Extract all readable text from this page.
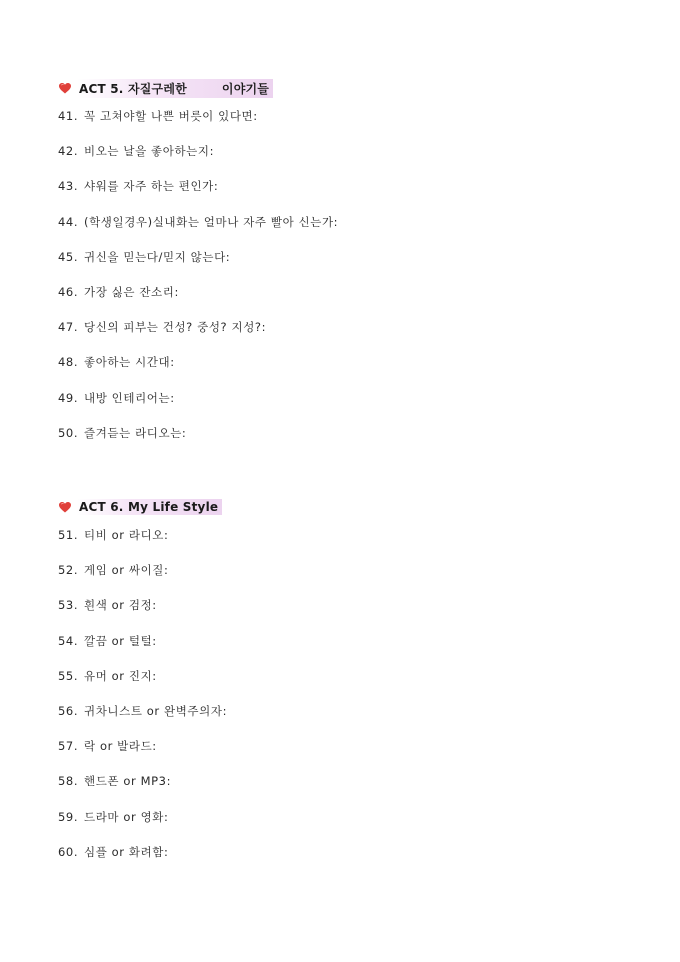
ACT 5. 자질구레한        이야기들
41. 꼭 고쳐야할 나쁜 버릇이 있다면:
42. 비오는 날을 좋아하는지:
43. 샤워를 자주 하는 편인가:
44. (학생일경우)실내화는 얼마나 자주 빨아 신는가:
45. 귀신을 믿는다/믿지 않는다:
46. 가장 싫은 잔소리:
47. 당신의 피부는 건성? 중성? 지성?:
48. 좋아하는 시간대:
49. 내방 인테리어는:
50. 즐겨듣는 라디오는:
ACT 6. My Life Style
51. 티비 or 라디오:
52. 게임 or 싸이질:
53. 흰색 or 검정:
54. 깔끔 or 털털:
55. 유머 or 진지:
56. 귀차니스트 or 완벽주의자:
57. 락 or 발라드:
58. 핸드폰 or MP3:
59. 드라마 or 영화:
60. 심플 or 화려함:
